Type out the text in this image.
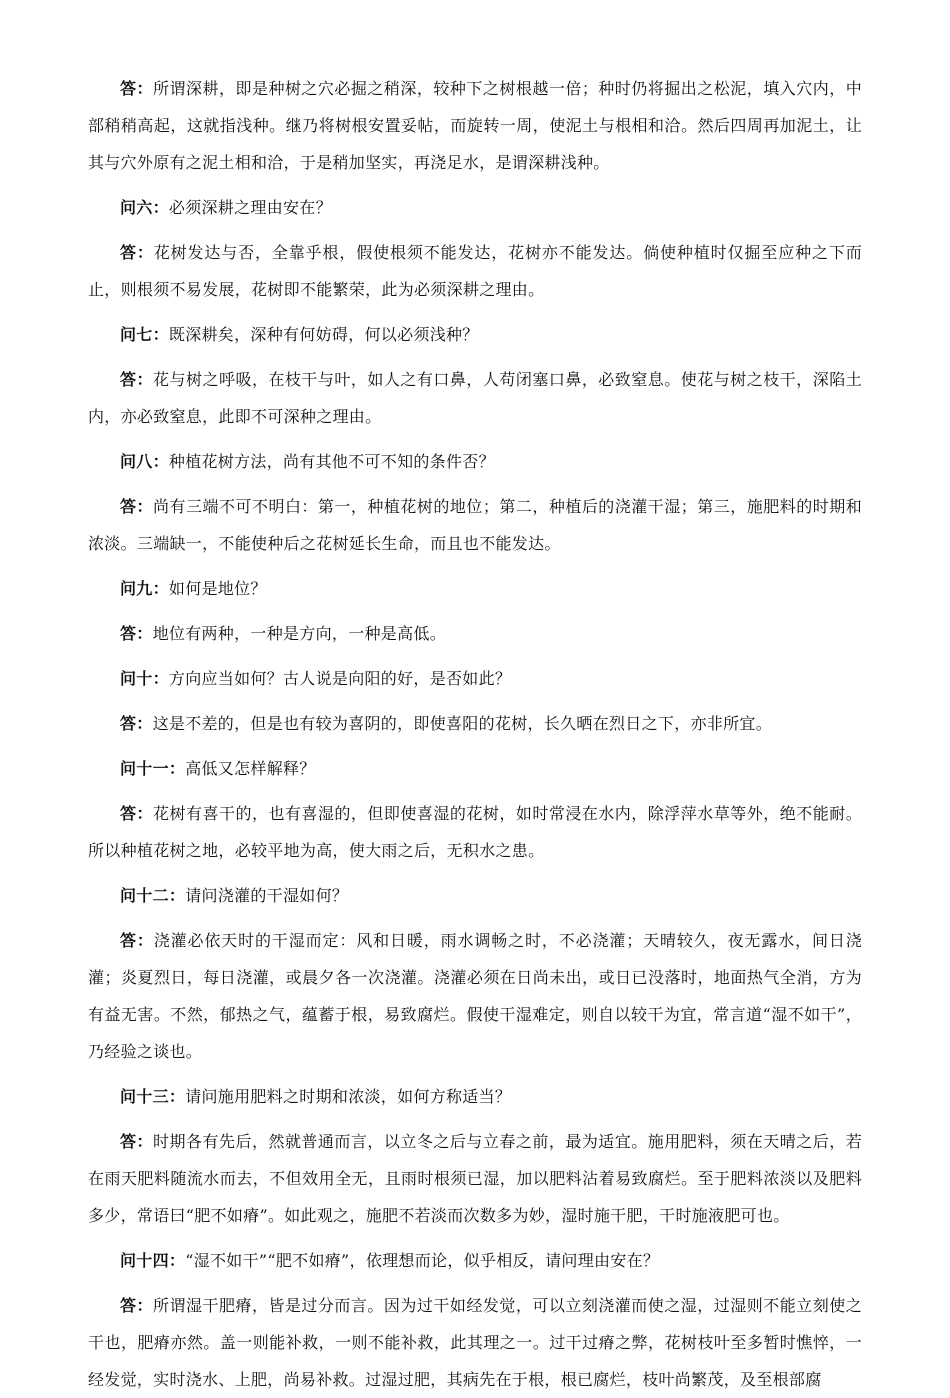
答：所谓深耕，即是种树之穴必掘之稍深，较种下之树根越一倍；种时仍将掘出之松泥，填入穴内，中部稍稍高起，这就指浅种。继乃将树根安置妥帖，而旋转一周，使泥土与根相和洽。然后四周再加泥土，让其与穴外原有之泥土相和洽，于是稍加坚实，再浇足水，是谓深耕浅种。

问六：必须深耕之理由安在？

答：花树发达与否，全靠乎根，假使根须不能发达，花树亦不能发达。倘使种植时仅掘至应种之下而止，则根须不易发展，花树即不能繁荣，此为必须深耕之理由。

问七：既深耕矣，深种有何妨碍，何以必须浅种？

答：花与树之呼吸，在枝干与叶，如人之有口鼻，人苟闭塞口鼻，必致窒息。使花与树之枝干，深陷土内，亦必致窒息，此即不可深种之理由。

问八：种植花树方法，尚有其他不可不知的条件否？

答：尚有三端不可不明白：第一，种植花树的地位；第二，种植后的浇灌干湿；第三，施肥料的时期和浓淡。三端缺一，不能使种后之花树延长生命，而且也不能发达。

问九：如何是地位？

答：地位有两种，一种是方向，一种是高低。

问十：方向应当如何？古人说是向阳的好，是否如此？

答：这是不差的，但是也有较为喜阴的，即使喜阳的花树，长久晒在烈日之下，亦非所宜。

问十一：高低又怎样解释？

答：花树有喜干的，也有喜湿的，但即使喜湿的花树，如时常浸在水内，除浮萍水草等外，绝不能耐。所以种植花树之地，必较平地为高，使大雨之后，无积水之患。

问十二：请问浇灌的干湿如何？

答：浇灌必依天时的干湿而定：风和日暖，雨水调畅之时，不必浇灌；天晴较久，夜无露水，间日浇灌；炎夏烈日，每日浇灌，或晨夕各一次浇灌。浇灌必须在日尚未出，或日已没落时，地面热气全消，方为有益无害。不然，郁热之气，蕴蓄于根，易致腐烂。假使干湿难定，则自以较干为宜，常言道“湿不如干”，乃经验之谈也。

问十三：请问施用肥料之时期和浓淡，如何方称适当？

答：时期各有先后，然就普通而言，以立冬之后与立春之前，最为适宜。施用肥料，须在天晴之后，若在雨天肥料随流水而去，不但效用全无，且雨时根须已湿，加以肥料沾着易致腐烂。至于肥料浓淡以及肥料多少，常语曰“肥不如瘠”。如此观之，施肥不若淡而次数多为妙，湿时施干肥，干时施液肥可也。

问十四：“湿不如干”“肥不如瘠”，依理想而论，似乎相反，请问理由安在？

答：所谓湿干肥瘠，皆是过分而言。因为过干如经发觉，可以立刻浇灌而使之湿，过湿则不能立刻使之干也，肥瘠亦然。盖一则能补救，一则不能补救，此其理之一。过干过瘠之弊，花树枝叶至多暂时憔悴，一经发觉，实时浇水、上肥，尚易补救。过湿过肥，其病先在于根，根已腐烂，枝叶尚繁茂，及至根部腐
